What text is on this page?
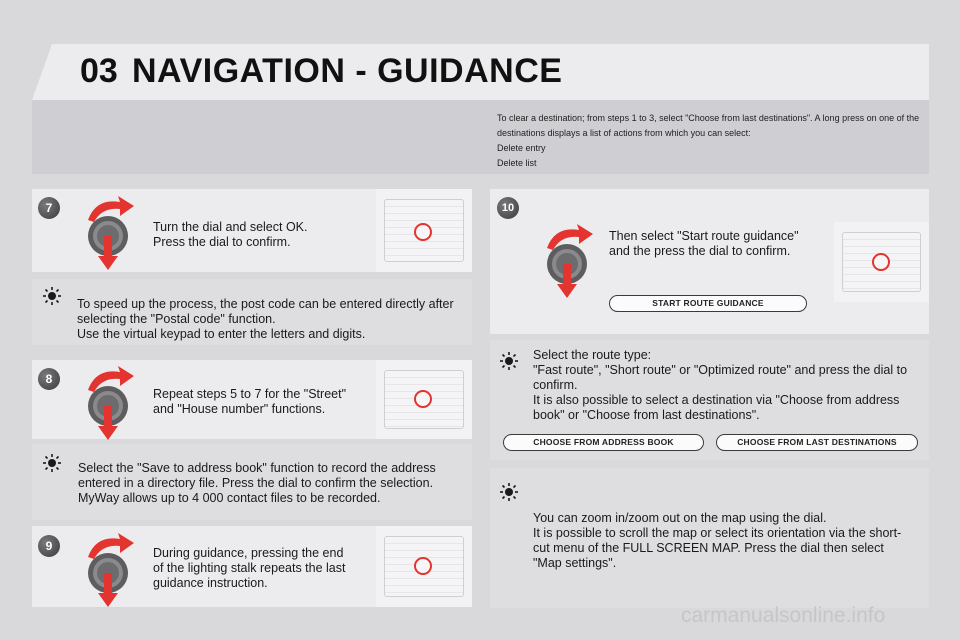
03 NAVIGATION - GUIDANCE
To clear a destination; from steps 1 to 3, select "Choose from last destinations". A long press on one of the destinations displays a list of actions from which you can select:
Delete entry
Delete list
7
Turn the dial and select OK.
Press the dial to confirm.
To speed up the process, the post code can be entered directly after
selecting the "Postal code" function.
Use the virtual keypad to enter the letters and digits.
8
Repeat steps 5 to 7 for the "Street"
and "House number" functions.
Select the "Save to address book" function to record the address
entered in a directory file. Press the dial to confirm the selection.
MyWay allows up to 4 000 contact files to be recorded.
9	During guidance, pressing the end
of the lighting stalk repeats the last
guidance instruction.
10
Then select "Start route guidance"
and the press the dial to confirm.
START ROUTE GUIDANCE
Select the route type:
"Fast route", "Short route" or "Optimized route" and press the dial to
confirm.
It is also possible to select a destination via "Choose from address
book" or "Choose from last destinations".
CHOOSE FROM ADDRESS BOOK	CHOOSE FROM LAST DESTINATIONS
You can zoom in/zoom out on the map using the dial.
It is possible to scroll the map or select its orientation via the short-
cut menu of the FULL SCREEN MAP. Press the dial then select
"Map settings".
carmanualsonline.info
